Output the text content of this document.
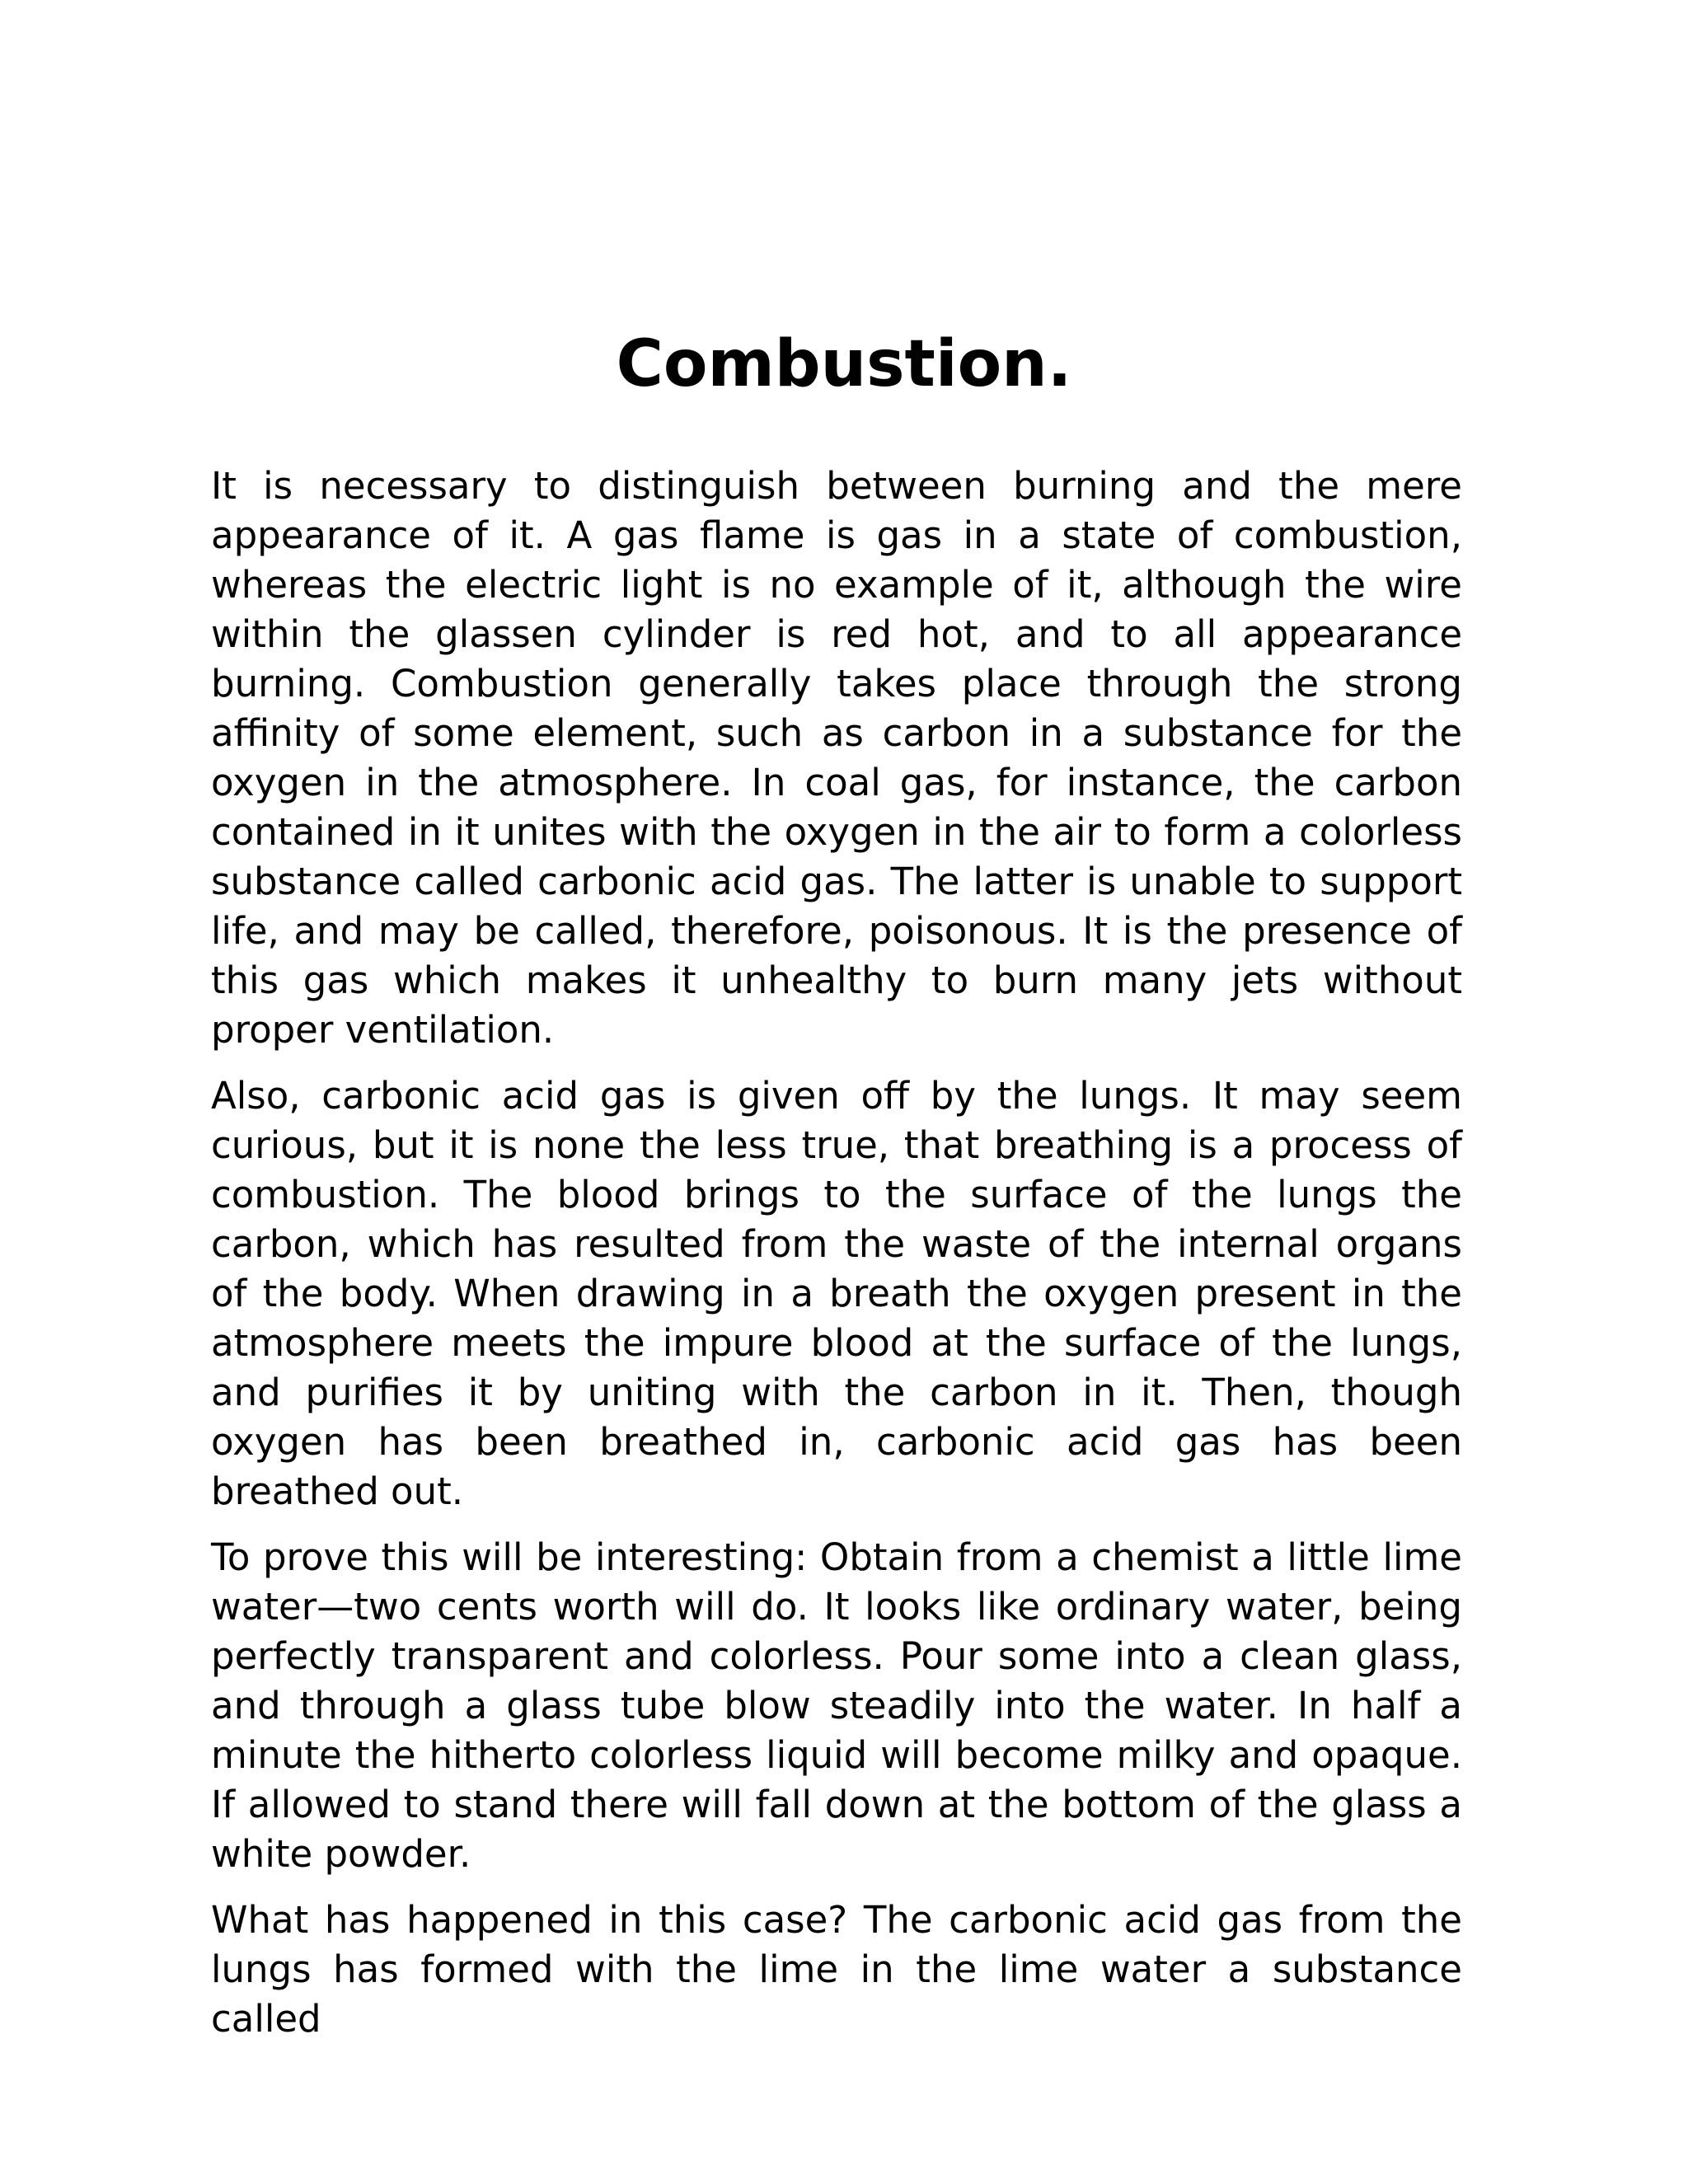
Combustion.

It is necessary to distinguish between burning and the mere appearance of it. A gas flame is gas in a state of combustion, whereas the electric light is no example of it, although the wire within the glassen cylinder is red hot, and to all appearance burning. Combustion generally takes place through the strong affinity of some element, such as carbon in a substance for the oxygen in the atmosphere. In coal gas, for instance, the carbon contained in it unites with the oxygen in the air to form a colorless substance called carbonic acid gas. The latter is unable to support life, and may be called, therefore, poisonous. It is the presence of this gas which makes it unhealthy to burn many jets without proper ventilation.

Also, carbonic acid gas is given off by the lungs. It may seem curious, but it is none the less true, that breathing is a process of combustion. The blood brings to the surface of the lungs the carbon, which has resulted from the waste of the internal organs of the body. When drawing in a breath the oxygen present in the atmosphere meets the impure blood at the surface of the lungs, and purifies it by uniting with the carbon in it. Then, though oxygen has been breathed in, carbonic acid gas has been breathed out.

To prove this will be interesting: Obtain from a chemist a little lime water—two cents worth will do. It looks like ordinary water, being perfectly transparent and colorless. Pour some into a clean glass, and through a glass tube blow steadily into the water. In half a minute the hitherto colorless liquid will become milky and opaque. If allowed to stand there will fall down at the bottom of the glass a white powder.

What has happened in this case? The carbonic acid gas from the lungs has formed with the lime in the lime water a substance called
